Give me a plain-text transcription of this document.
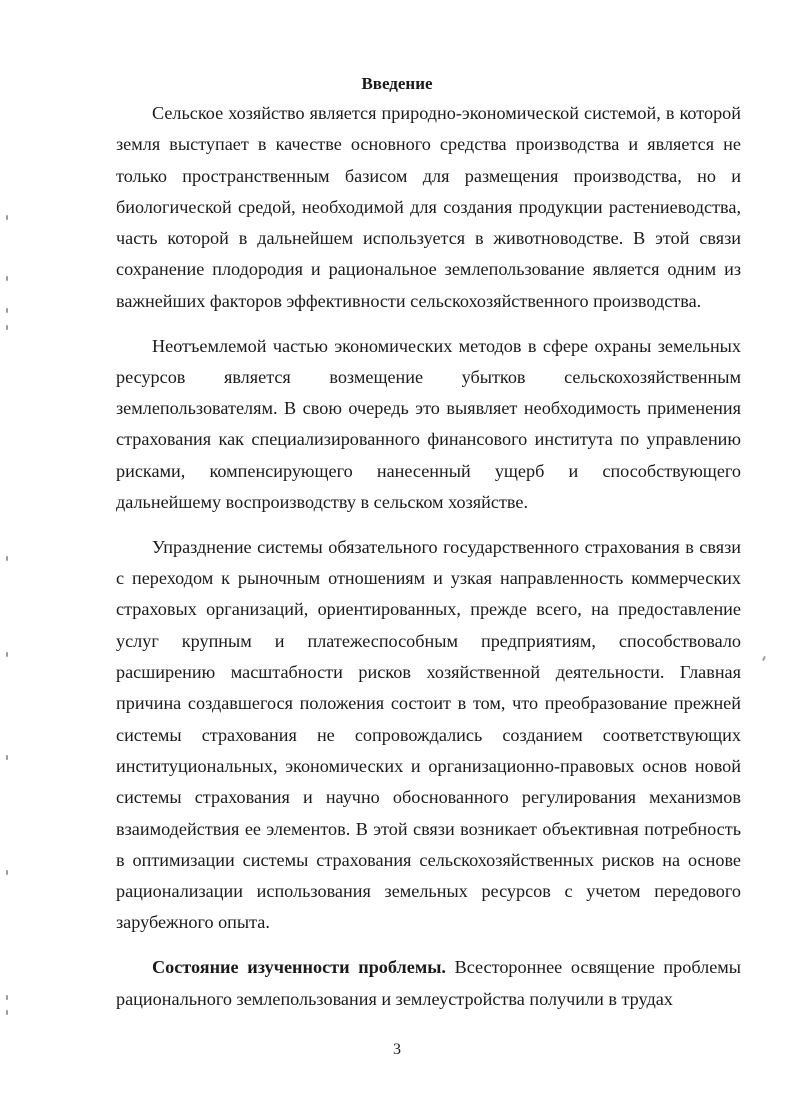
Введение

Сельское хозяйство является природно-экономической системой, в которой земля выступает в качестве основного средства производства и является не только пространственным базисом для размещения производства, но и биологической средой, необходимой для создания продукции растениеводства, часть которой в дальнейшем используется в животноводстве. В этой связи сохранение плодородия и рациональное землепользование является одним из важнейших факторов эффективности сельскохозяйственного производства.

Неотъемлемой частью экономических методов в сфере охраны земельных ресурсов является возмещение убытков сельскохозяйственным землепользователям. В свою очередь это выявляет необходимость применения страхования как специализированного финансового института по управлению рисками, компенсирующего нанесенный ущерб и способствующего дальнейшему воспроизводству в сельском хозяйстве.

Упразднение системы обязательного государственного страхования в связи с переходом к рыночным отношениям и узкая направленность коммерческих страховых организаций, ориентированных, прежде всего, на предоставление услуг крупным и платежеспособным предприятиям, способствовало расширению масштабности рисков хозяйственной деятельности. Главная причина создавшегося положения состоит в том, что преобразование прежней системы страхования не сопровождались созданием соответствующих институциональных, экономических и организационно-правовых основ новой системы страхования и научно обоснованного регулирования механизмов взаимодействия ее элементов. В этой связи возникает объективная потребность в оптимизации системы страхования сельскохозяйственных рисков на основе рационализации использования земельных ресурсов с учетом передового зарубежного опыта.

Состояние изученности проблемы. Всестороннее освящение проблемы рационального землепользования и землеустройства получили в трудах

3
